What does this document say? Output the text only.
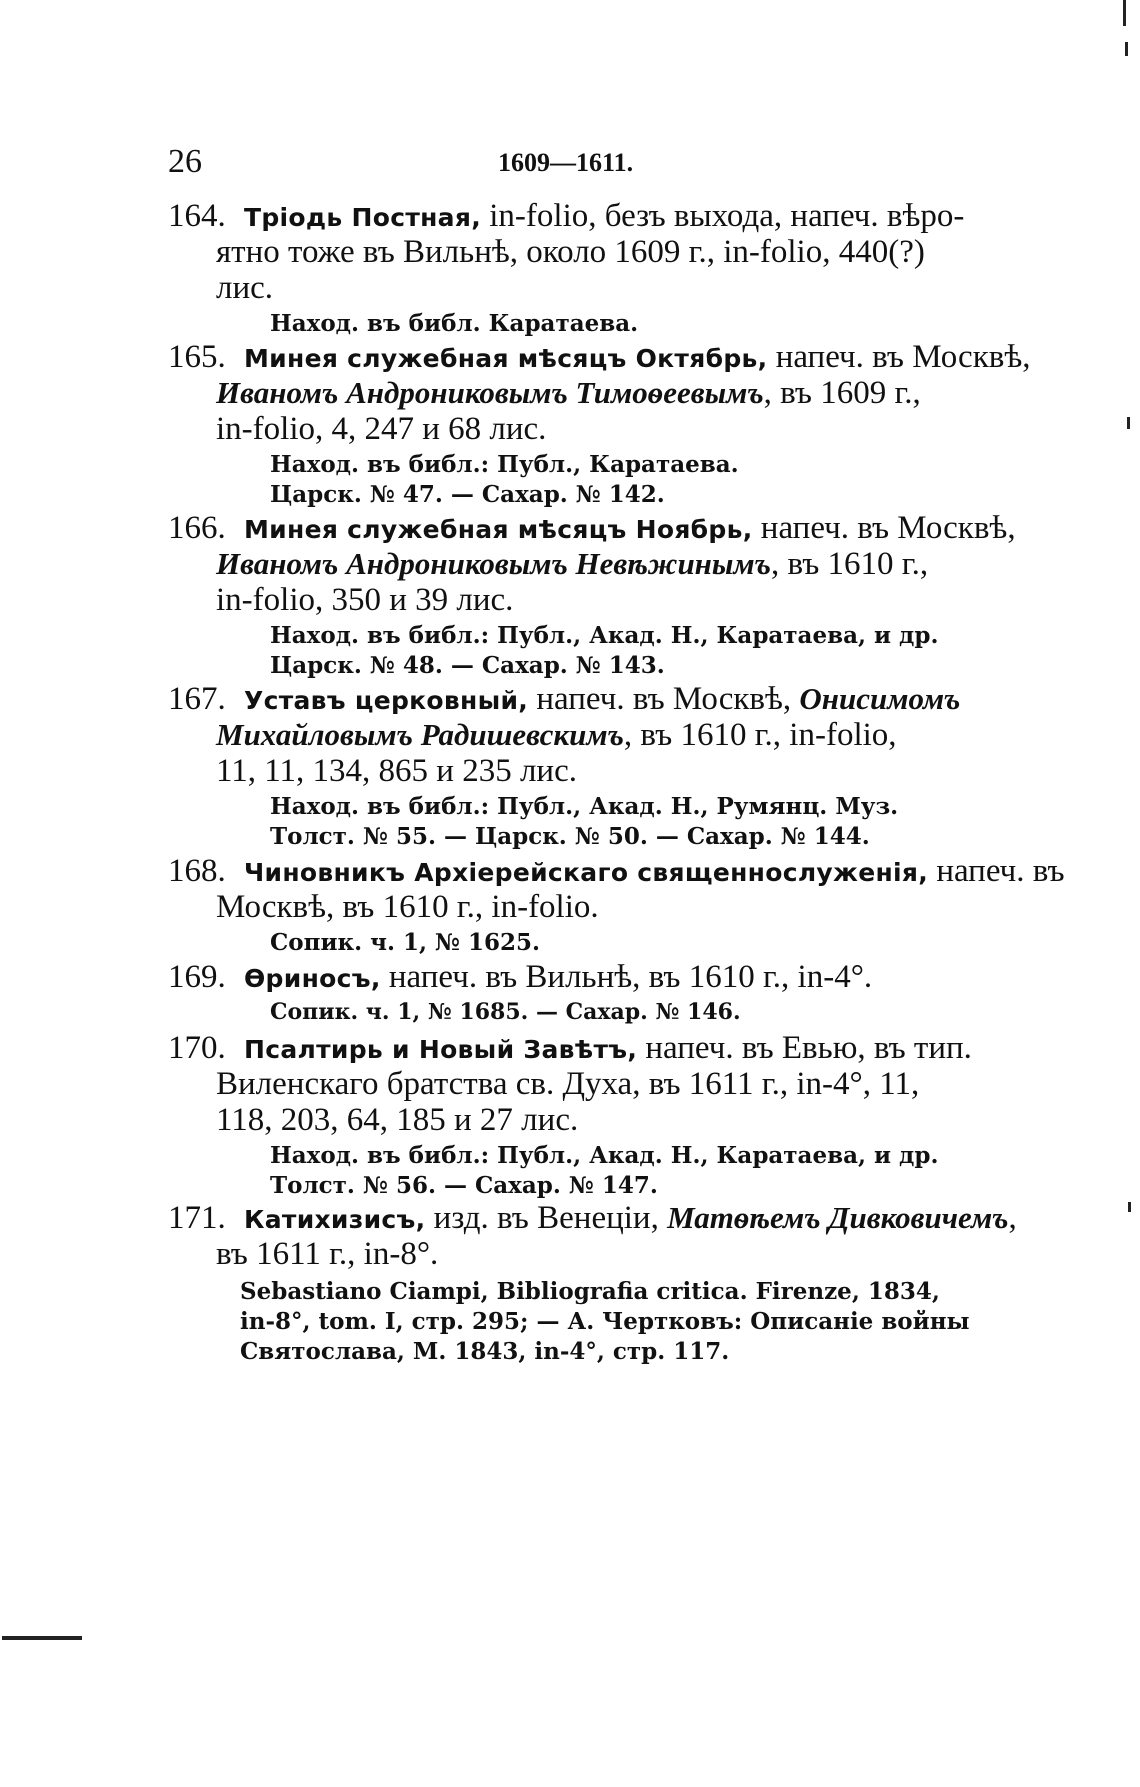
26	1609—1611.
164. Тріодь Постная, in-folio, безъ выхода, напеч. вѣро-
ятно тоже въ Вильнѣ, около 1609 г., in-folio, 440(?)
лис.
Наход. въ библ. Каратаева.
165. Минея служебная мѣсяцъ Октябрь, напеч. въ Москвѣ,
Иваномъ Андрониковымъ Тимоѳеевымъ, въ 1609 г.,
in-folio, 4, 247 и 68 лис.
Наход. въ библ.: Публ., Каратаева.
Царск. № 47. — Сахар. № 142.
166. Минея служебная мѣсяцъ Ноябрь, напеч. въ Москвѣ,
Иваномъ Андрониковымъ Невѣжинымъ, въ 1610 г.,
in-folio, 350 и 39 лис.
Наход. въ библ.: Публ., Акад. Н., Каратаева, и др.
Царск. № 48. — Сахар. № 143.
167. Уставъ церковный, напеч. въ Москвѣ, Онисимомъ
Михайловымъ Радишевскимъ, въ 1610 г., in-folio,
11, 11, 134, 865 и 235 лис.
Наход. въ библ.: Публ., Акад. Н., Румянц. Муз.
Толст. № 55. — Царск. № 50. — Сахар. № 144.
168. Чиновникъ Архіерейскаго священнослуженія, напеч. въ
Москвѣ, въ 1610 г., in-folio.
Сопик. ч. 1, № 1625.
169. Ѳриносъ, напеч. въ Вильнѣ, въ 1610 г., in-4°.
Сопик. ч. 1, № 1685. — Сахар. № 146.
170. Псалтирь и Новый Завѣтъ, напеч. въ Евью, въ тип.
Виленскаго братства св. Духа, въ 1611 г., in-4°, 11,
118, 203, 64, 185 и 27 лис.
Наход. въ библ.: Публ., Акад. Н., Каратаева, и др.
Толст. № 56. — Сахар. № 147.
171. Катихизисъ, изд. въ Венеціи, Матѳѣемъ Дивковичемъ,
въ 1611 г., in-8°.
Sebastiano Ciampi, Bibliografia critica. Firenze, 1834,
in-8°, tom. I, стр. 295; — А. Чертковъ: Описаніе войны
Святослава, М. 1843, in-4°, стр. 117.
